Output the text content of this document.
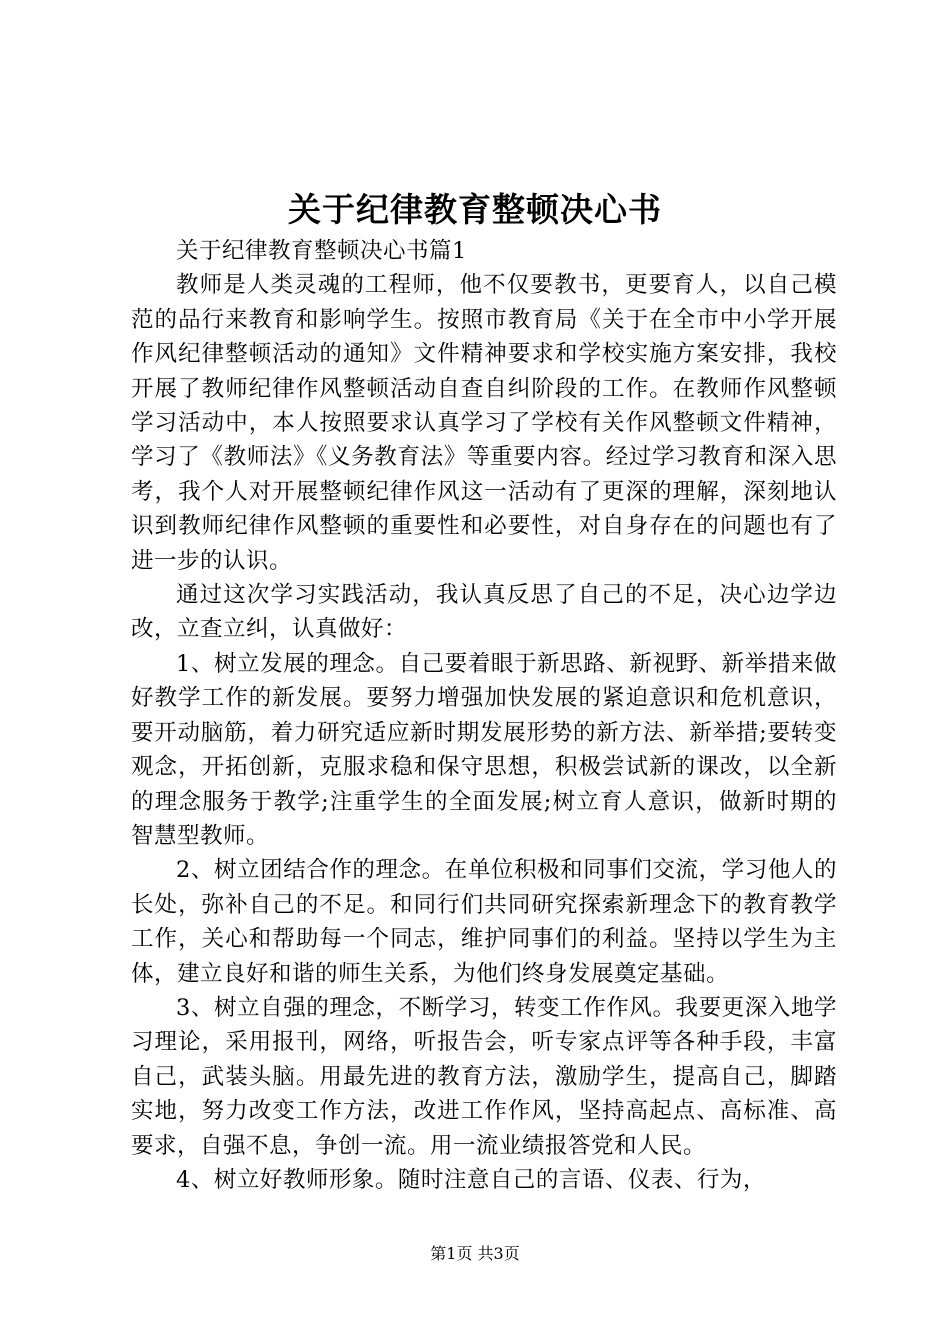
关于纪律教育整顿决心书

关于纪律教育整顿决心书篇1

教师是人类灵魂的工程师，他不仅要教书，更要育人，以自己模范的品行来教育和影响学生。按照市教育局《关于在全市中小学开展作风纪律整顿活动的通知》文件精神要求和学校实施方案安排，我校开展了教师纪律作风整顿活动自查自纠阶段的工作。在教师作风整顿学习活动中，本人按照要求认真学习了学校有关作风整顿文件精神，学习了《教师法》《义务教育法》等重要内容。经过学习教育和深入思考，我个人对开展整顿纪律作风这一活动有了更深的理解，深刻地认识到教师纪律作风整顿的重要性和必要性，对自身存在的问题也有了进一步的认识。

通过这次学习实践活动，我认真反思了自己的不足，决心边学边改，立查立纠，认真做好：

1、树立发展的理念。自己要着眼于新思路、新视野、新举措来做好教学工作的新发展。要努力增强加快发展的紧迫意识和危机意识，要开动脑筋，着力研究适应新时期发展形势的新方法、新举措;要转变观念，开拓创新，克服求稳和保守思想，积极尝试新的课改，以全新的理念服务于教学;注重学生的全面发展;树立育人意识，做新时期的智慧型教师。

2、树立团结合作的理念。在单位积极和同事们交流，学习他人的长处，弥补自己的不足。和同行们共同研究探索新理念下的教育教学工作，关心和帮助每一个同志，维护同事们的利益。坚持以学生为主体，建立良好和谐的师生关系，为他们终身发展奠定基础。

3、树立自强的理念，不断学习，转变工作作风。我要更深入地学习理论，采用报刊，网络，听报告会，听专家点评等各种手段，丰富自己，武装头脑。用最先进的教育方法，激励学生，提高自己，脚踏实地，努力改变工作方法，改进工作作风，坚持高起点、高标准、高要求，自强不息，争创一流。用一流业绩报答党和人民。

4、树立好教师形象。随时注意自己的言语、仪表、行为，

第1页 共3页
